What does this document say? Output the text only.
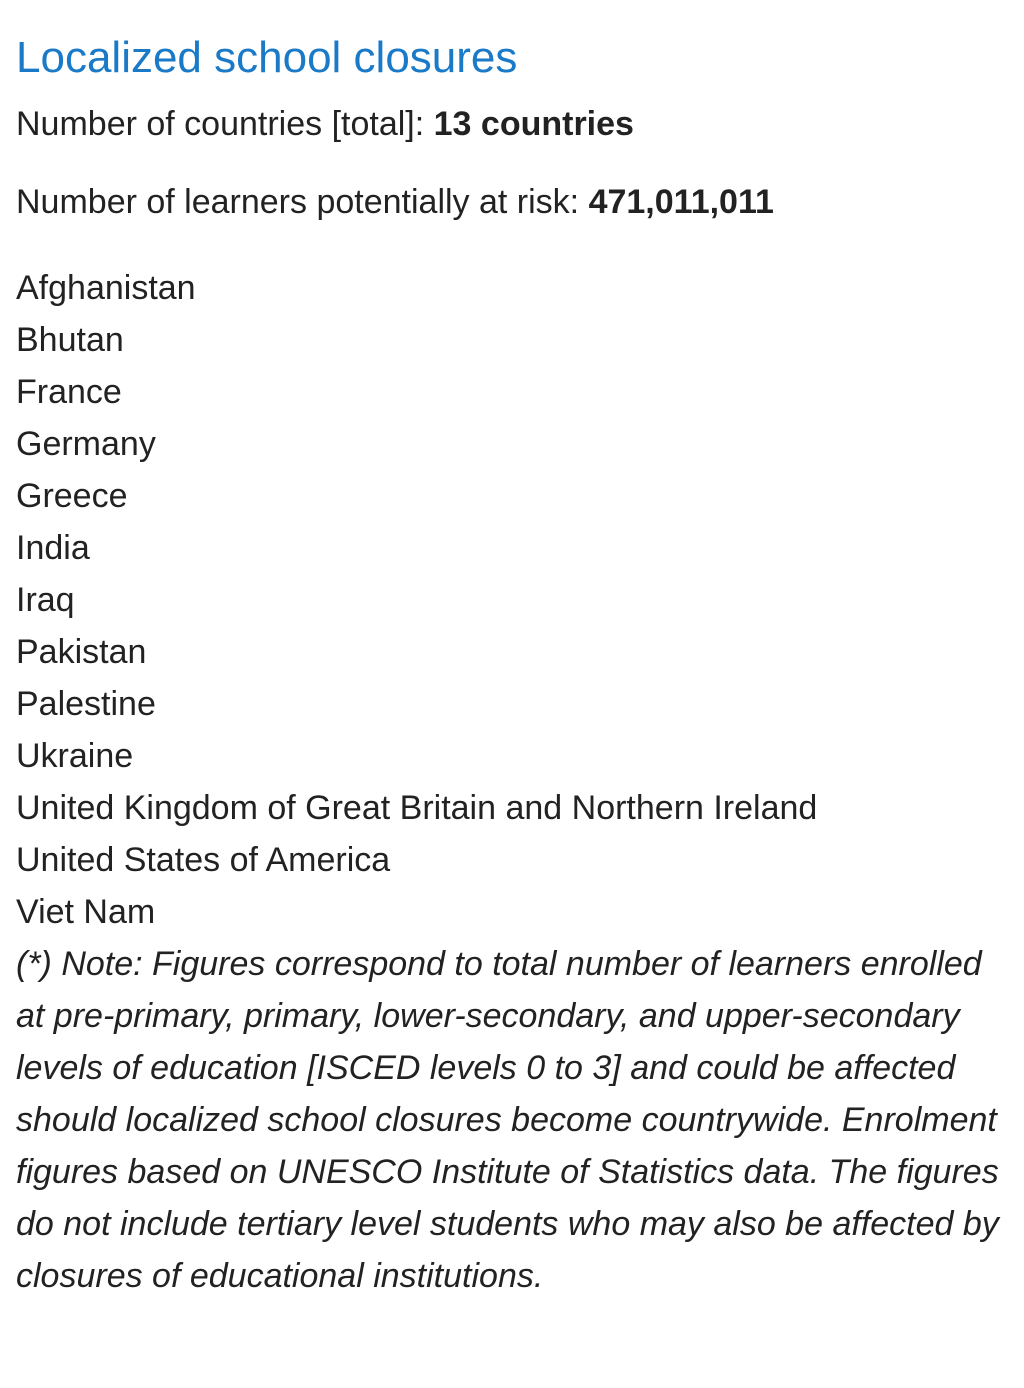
Localized school closures

Number of countries [total]: 13 countries

Number of learners potentially at risk: 471,011,011

Afghanistan
Bhutan
France
Germany
Greece
India
Iraq
Pakistan
Palestine
Ukraine
United Kingdom of Great Britain and Northern Ireland
United States of America
Viet Nam

(*) Note: Figures correspond to total number of learners enrolled at pre-primary, primary, lower-secondary, and upper-secondary levels of education [ISCED levels 0 to 3] and could be affected should localized school closures become countrywide. Enrolment figures based on UNESCO Institute of Statistics data. The figures do not include tertiary level students who may also be affected by closures of educational institutions.
